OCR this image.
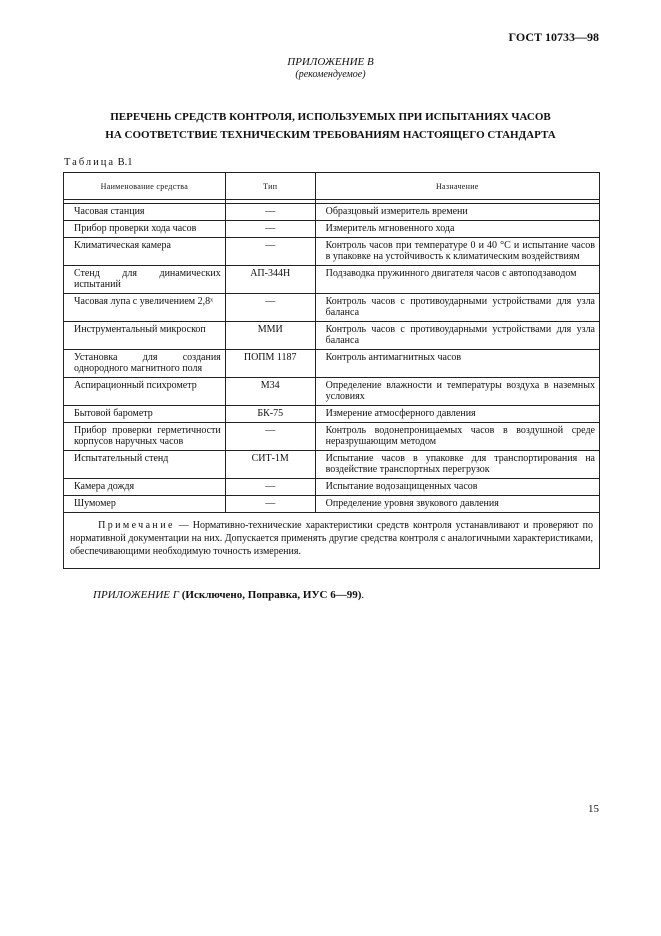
ГОСТ 10733—98
ПРИЛОЖЕНИЕ В
(рекомендуемое)
ПЕРЕЧЕНЬ СРЕДСТВ КОНТРОЛЯ, ИСПОЛЬЗУЕМЫХ ПРИ ИСПЫТАНИЯХ ЧАСОВ
НА СООТВЕТСТВИЕ ТЕХНИЧЕСКИМ ТРЕБОВАНИЯМ НАСТОЯЩЕГО СТАНДАРТА
Таблица В.1
Наименование средства	Тип	Назначение

Часовая станция	—	Образцовый измеритель времени
Прибор проверки хода часов	—	Измеритель мгновенного хода
Климатическая камера	—	Контроль часов при температуре 0 и 40 °С и испытание часов в упаковке на устойчивость к климатическим воздействиям
Стенд для динамических испытаний	АП-344Н	Подзаводка пружинного двигателя часов с автоподзаводом
Часовая лупа с увеличением 2,8ˣ	—	Контроль часов с противоударными устройствами для узла баланса
Инструментальный микроскоп	ММИ	Контроль часов с противоударными устройствами для узла баланса
Установка для создания однородного магнитного поля	ПОПМ 1187	Контроль антимагнитных часов
Аспирационный психрометр	М34	Определение влажности и температуры воздуха в наземных условиях
Бытовой барометр	БК-75	Измерение атмосферного давления
Прибор проверки герметичности корпусов наручных часов	—	Контроль водонепроницаемых часов в воздушной среде неразрушающим методом
Испытательный стенд	СИТ-1М	Испытание часов в упаковке для транспортирования на воздействие транспортных перегрузок
Камера дождя	—	Испытание водозащищенных часов
Шумомер	—	Определение уровня звукового давления
Примечание — Нормативно-технические характеристики средств контроля устанавливают и проверяют по нормативной документации на них. Допускается применять другие средства контроля с аналогичными характеристиками, обеспечивающими необходимую точность измерения.		
ПРИЛОЖЕНИЕ Г (Исключено, Поправка, ИУС 6—99).
15
